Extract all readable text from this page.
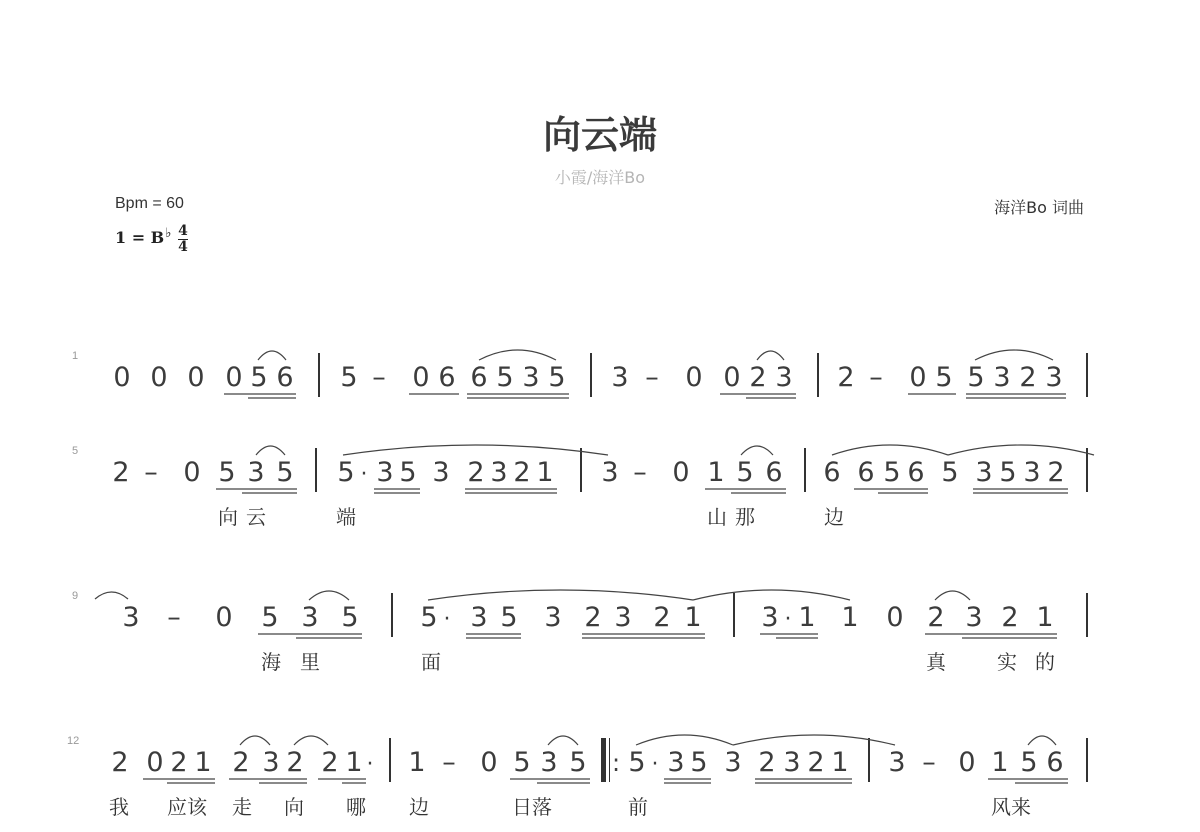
向云端
小霞/海洋Bo
Bpm = 60	海洋Bo 词曲
1 = B♭ 4
4
1
0 0 0 0 5 6 5 – 0 6 6 5 3 5 3 – 0 0 2 3 2 – 0 5 5 3 2 3
5
2 – 0 5 3 5 5 · 3 5 3 2 3 2 1 3 – 0 1 5 6 6 6 5 6 5 3 5 3 2
向 云	端	山 那	边
9
3 – 0 5 3 5 5 · 3 5 3 2 3 2 1 3 · 1 1 0 2 3 2 1
海 里	面	真	实 的
12
2 0 2 1 2 3 2 2 1 ·	1 – 0 5 3 5	: 5 · 3 5 3 2 3 2 1 3 – 0 1 5 6
我 应该 走 向 哪 边	日落	前	风来
